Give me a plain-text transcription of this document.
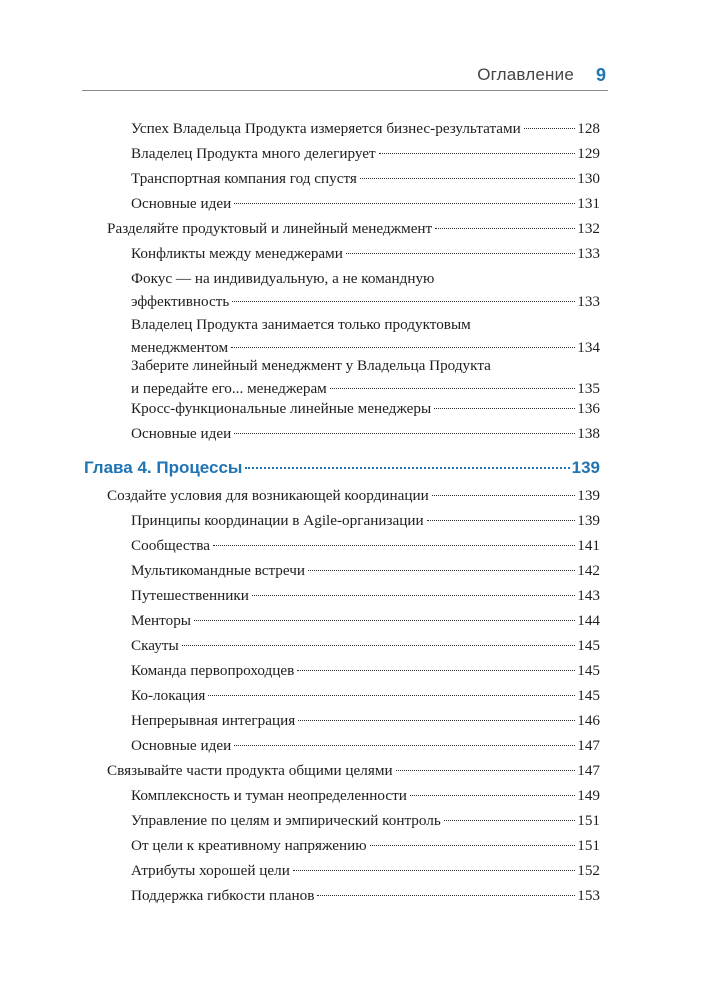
Оглавление 9
Успех Владельца Продукта измеряется бизнес-результатами	128
Владелец Продукта много делегирует	129
Транспортная компания год спустя	130
Основные идеи	131
Разделяйте продуктовый и линейный менеджмент	132
Конфликты между менеджерами	133
Фокус — на индивидуальную, а не командную
эффективность	133
Владелец Продукта занимается только продуктовым
менеджментом	134
Заберите линейный менеджмент у Владельца Продукта
и передайте его... менеджерам	135
Кросс-функциональные линейные менеджеры	136
Основные идеи	138
Глава 4. Процессы	139
Создайте условия для возникающей координации	139
Принципы координации в Agile-организации	139
Сообщества	141
Мультикомандные встречи	142
Путешественники	143
Менторы	144
Скауты	145
Команда первопроходцев	145
Ко-локация	145
Непрерывная интеграция	146
Основные идеи	147
Связывайте части продукта общими целями	147
Комплексность и туман неопределенности	149
Управление по целям и эмпирический контроль	151
От цели к креативному напряжению	151
Атрибуты хорошей цели	152
Поддержка гибкости планов	153
